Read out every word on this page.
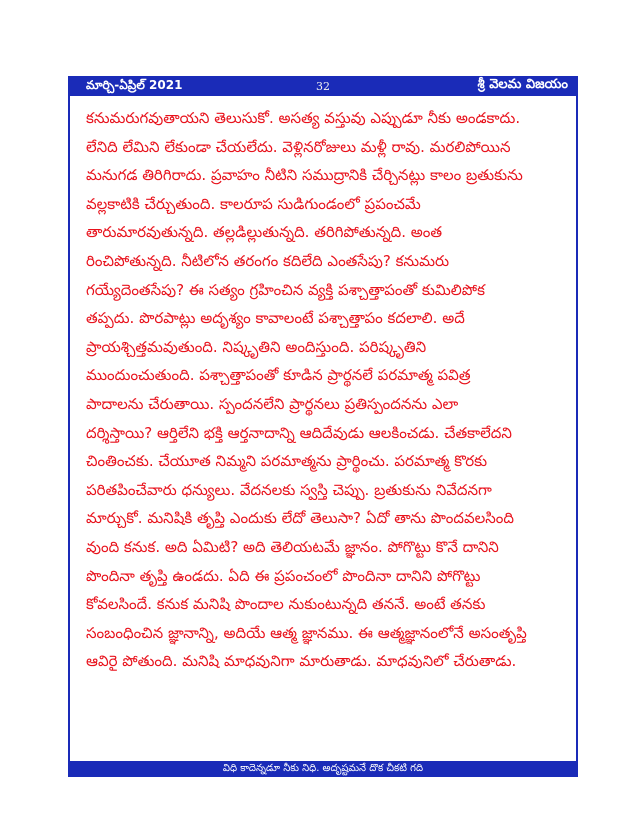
మార్చి-ఏప్రిల్ 2021	32	శ్రీ వెలమ విజయం
కనుమరుగవుతాయని తెలుసుకో. అసత్య వస్తువు ఎప్పుడూ నీకు అండకాదు.
లేనిది లేమిని లేకుండా చేయలేదు. వెళ్లినరోజులు మళ్లీ రావు. మరలిపోయిన
మనుగడ తిరిగిరాదు. ప్రవాహం నీటిని సముద్రానికి చేర్చినట్లు కాలం బ్రతుకును
వల్లకాటికి చేర్చుతుంది. కాలరూప సుడిగుండంలో ప్రపంచమే
తారుమారవుతున్నది. తల్లడిల్లుతున్నది. తరిగిపోతున్నది. అంత
రించిపోతున్నది. నీటిలోన తరంగం కదిలేది ఎంతసేపు? కనుమరు
గయ్యేదెంతసేపు? ఈ సత్యం గ్రహించిన వ్యక్తి పశ్చాత్తాపంతో కుమిలిపోక
తప్పదు. పొరపాట్లు అదృశ్యం కావాలంటే పశ్చాత్తాపం కదలాలి. అదే
ప్రాయశ్చిత్తమవుతుంది. నిష్కృతిని అందిస్తుంది. పరిష్కృతిని
ముందుంచుతుంది. పశ్చాత్తాపంతో కూడిన ప్రార్థనలే పరమాత్మ పవిత్ర
పాదాలను చేరుతాయి. స్పందనలేని ప్రార్థనలు ప్రతిస్పందనను ఎలా
దర్శిస్తాయి? ఆర్తిలేని భక్తి ఆర్తనాదాన్ని ఆదిదేవుడు ఆలకించడు. చేతకాలేదని
చింతించకు. చేయూత నిమ్మని పరమాత్మను ప్రార్థించు. పరమాత్మ కొరకు
పరితపించేవారు ధన్యులు. వేదనలకు స్వస్తి చెప్పు. బ్రతుకును నివేదనగా
మార్చుకో. మనిషికి తృప్తి ఎందుకు లేదో తెలుసా? ఏదో తాను పొందవలసింది
వుంది కనుక. అది ఏమిటి? అది తెలియటమే జ్ఞానం. పోగొట్టు కొనే దానిని
పొందినా తృప్తి ఉండదు. ఏది ఈ ప్రపంచంలో పొందినా దానిని పోగొట్టు
కోవలసిందే. కనుక మనిషి పొందాల నుకుంటున్నది తననే. అంటే తనకు
సంబంధించిన జ్ఞానాన్ని, అదియే ఆత్మ జ్ఞానము. ఈ ఆత్మజ్ఞానంలోనే అసంతృప్తి
ఆవిరై పోతుంది. మనిషి మాధవునిగా మారుతాడు. మాధవునిలో చేరుతాడు.
విధి కాదెన్నడూ నీకు నిధి. అదృష్టమనే దొక చీకటి గది
